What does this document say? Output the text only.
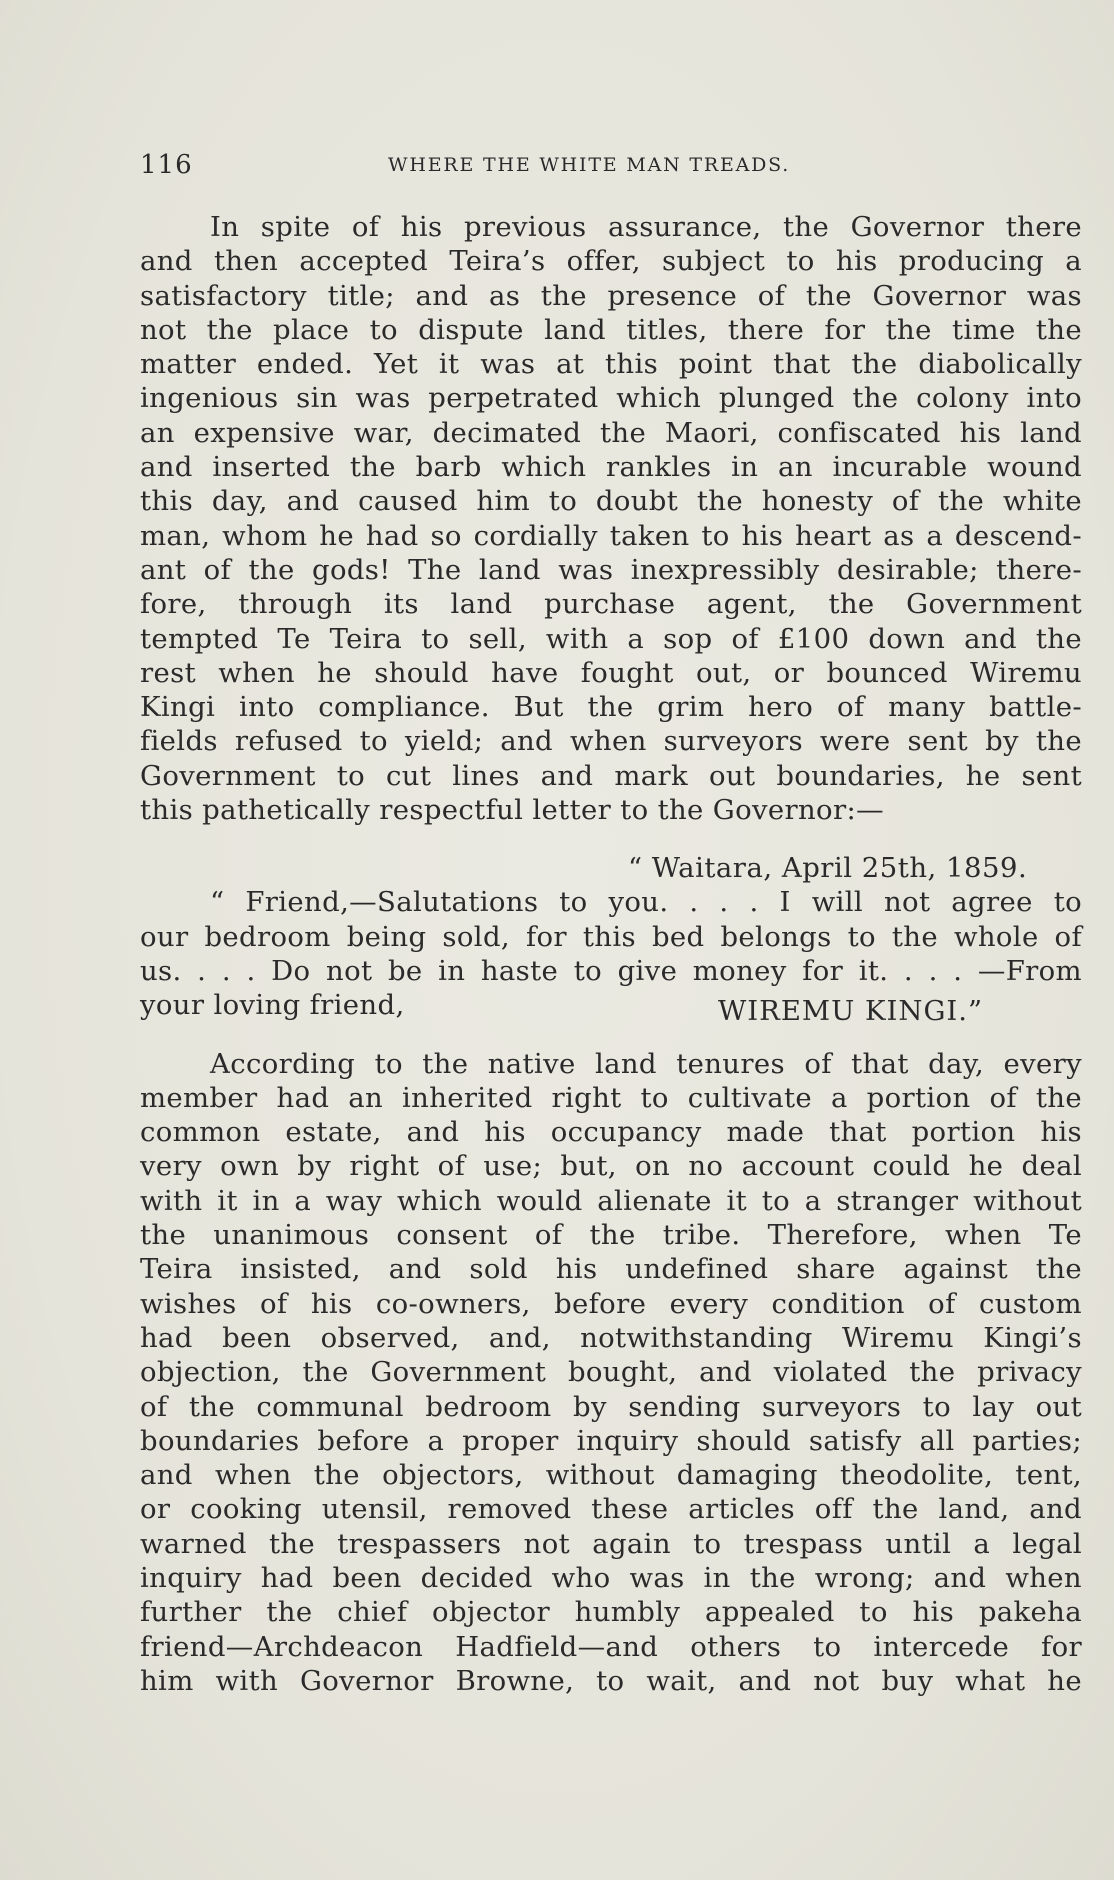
116	WHERE THE WHITE MAN TREADS.
In spite of his previous assurance, the Governor there
and then accepted Teira’s offer, subject to his producing a
satisfactory title; and as the presence of the Governor was
not the place to dispute land titles, there for the time the
matter ended. Yet it was at this point that the diabolically
ingenious sin was perpetrated which plunged the colony into
an expensive war, decimated the Maori, confiscated his land
and inserted the barb which rankles in an incurable wound
this day, and caused him to doubt the honesty of the white
man, whom he had so cordially taken to his heart as a descend-
ant of the gods! The land was inexpressibly desirable; there-
fore, through its land purchase agent, the Government
tempted Te Teira to sell, with a sop of £100 down and the
rest when he should have fought out, or bounced Wiremu
Kingi into compliance. But the grim hero of many battle-
fields refused to yield; and when surveyors were sent by the
Government to cut lines and mark out boundaries, he sent
this pathetically respectful letter to the Governor:—
“ Waitara, April 25th, 1859.
“ Friend,—Salutations to you. . . . I will not agree to
our bedroom being sold, for this bed belongs to the whole of
us. . . . Do not be in haste to give money for it. . . . —From
your loving friend,	WIREMU KINGI.”
According to the native land tenures of that day, every
member had an inherited right to cultivate a portion of the
common estate, and his occupancy made that portion his
very own by right of use; but, on no account could he deal
with it in a way which would alienate it to a stranger without
the unanimous consent of the tribe. Therefore, when Te
Teira insisted, and sold his undefined share against the
wishes of his co-owners, before every condition of custom
had been observed, and, notwithstanding Wiremu Kingi’s
objection, the Government bought, and violated the privacy
of the communal bedroom by sending surveyors to lay out
boundaries before a proper inquiry should satisfy all parties;
and when the objectors, without damaging theodolite, tent,
or cooking utensil, removed these articles off the land, and
warned the trespassers not again to trespass until a legal
inquiry had been decided who was in the wrong; and when
further the chief objector humbly appealed to his pakeha
friend—Archdeacon Hadfield—and others to intercede for
him with Governor Browne, to wait, and not buy what he
